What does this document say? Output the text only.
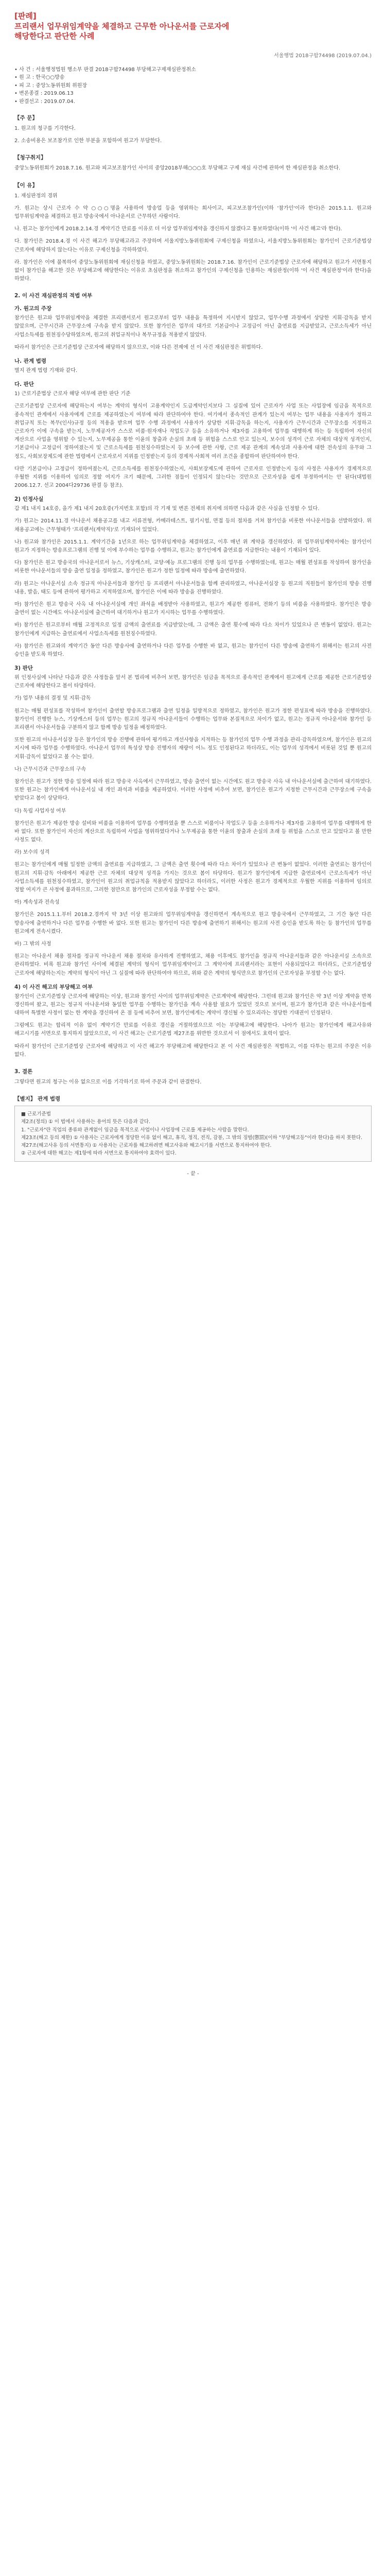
[판례]
프리랜서 업무위임계약을 체결하고 근무한 아나운서를 근로자에
해당한다고 판단한 사례
서울행법 2018구합74498 (2019.07.04.)
• 사 건 : 서울행정법원 행소부 판결 2018구합74498 부당해고구제재심판정취소
• 원 고 : 한국○○방송
• 피 고 : 중앙노동위원회 위원장
• 변론종결 : 2019.06.13
• 판결선고 : 2019.07.04.
【주 문】

1. 원고의 청구를 기각한다.

2. 소송비용은 보조참가로 인한 부분을 포함하여 원고가 부담한다.

【청구취지】

중앙노동위원회가 2018.7.16. 원고와 피고보조참가인 사이의 중앙2018부해○○○호 부당해고 구제 재심 사건에 관하여 한 재심판정을 취소한다.

【이 유】

1. 재심판정의 경위

가. 원고는 상시 근로자 수 약 ○○○명을 사용하여 방송업 등을 영위하는 회사이고, 피고보조참가인(이하 '참가인'이라 한다)은 2015.1.1. 원고와 업무위임계약을 체결하고 원고 방송국에서 아나운서로 근무하던 사람이다.

나. 원고는 참가인에게 2018.2.14.경 계약기간 만료를 이유로 더 이상 업무위임계약을 갱신하지 않겠다고 통보하였다(이하 '이 사건 해고'라 한다).

다. 참가인은 2018.4.경 이 사건 해고가 부당해고라고 주장하며 서울지방노동위원회에 구제신청을 하였으나, 서울지방노동위원회는 참가인이 근로기준법상 근로자에 해당하지 않는다는 이유로 구제신청을 각하하였다.

라. 참가인은 이에 불복하여 중앙노동위원회에 재심신청을 하였고, 중앙노동위원회는 2018.7.16. 참가인이 근로기준법상 근로자에 해당하고 원고가 서면통지 없이 참가인을 해고한 것은 부당해고에 해당한다는 이유로 초심판정을 취소하고 참가인의 구제신청을 인용하는 재심판정(이하 '이 사건 재심판정'이라 한다)을 하였다.

2. 이 사건 재심판정의 적법 여부
가. 원고의 주장

참가인은 원고와 업무위임계약을 체결한 프리랜서로서 원고로부터 업무 내용을 특정하여 지시받지 않았고, 업무수행 과정에서 상당한 지휘·감독을 받지 않았으며, 근무시간과 근무장소에 구속을 받지 않았다. 또한 참가인은 업무의 대가로 기본급이나 고정급이 아닌 출연료를 지급받았고, 근로소득세가 아닌 사업소득세를 원천징수당하였으며, 원고의 취업규칙이나 복무규정을 적용받지 않았다.

따라서 참가인은 근로기준법상 근로자에 해당하지 않으므로, 이와 다른 전제에 선 이 사건 재심판정은 위법하다.

나. 관계 법령

별지 관계 법령 기재와 같다.

다. 판단

1) 근로기준법상 근로자 해당 여부에 관한 판단 기준

근로기준법상 근로자에 해당하는지 여부는 계약의 형식이 고용계약인지 도급계약인지보다 그 실질에 있어 근로자가 사업 또는 사업장에 임금을 목적으로 종속적인 관계에서 사용자에게 근로를 제공하였는지 여부에 따라 판단하여야 한다. 여기에서 종속적인 관계가 있는지 여부는 업무 내용을 사용자가 정하고 취업규칙 또는 복무(인사)규정 등의 적용을 받으며 업무 수행 과정에서 사용자가 상당한 지휘·감독을 하는지, 사용자가 근무시간과 근무장소를 지정하고 근로자가 이에 구속을 받는지, 노무제공자가 스스로 비품·원자재나 작업도구 등을 소유하거나 제3자를 고용하여 업무를 대행하게 하는 등 독립하여 자신의 계산으로 사업을 영위할 수 있는지, 노무제공을 통한 이윤의 창출과 손실의 초래 등 위험을 스스로 안고 있는지, 보수의 성격이 근로 자체의 대상적 성격인지, 기본급이나 고정급이 정하여졌는지 및 근로소득세를 원천징수하였는지 등 보수에 관한 사항, 근로 제공 관계의 계속성과 사용자에 대한 전속성의 유무와 그 정도, 사회보장제도에 관한 법령에서 근로자로서 지위를 인정받는지 등의 경제적·사회적 여러 조건을 종합하여 판단하여야 한다.

다만 기본급이나 고정급이 정하여졌는지, 근로소득세를 원천징수하였는지, 사회보장제도에 관하여 근로자로 인정받는지 등의 사정은 사용자가 경제적으로 우월한 지위를 이용하여 임의로 정할 여지가 크기 때문에, 그러한 점들이 인정되지 않는다는 것만으로 근로자성을 쉽게 부정하여서는 안 된다(대법원 2006.12.7. 선고 2004다29736 판결 등 참조).

2) 인정사실

갑 제1 내지 14호증, 을가 제1 내지 20호증(가지번호 포함)의 각 기재 및 변론 전체의 취지에 의하면 다음과 같은 사실을 인정할 수 있다.

가) 원고는 2014.11.경 아나운서 채용공고를 내고 서류전형, 카메라테스트, 필기시험, 면접 등의 절차를 거쳐 참가인을 비롯한 아나운서들을 선발하였다. 위 채용공고에는 근무형태가 '프리랜서(계약직)'로 기재되어 있었다.

나) 원고와 참가인은 2015.1.1. 계약기간을 1년으로 하는 업무위임계약을 체결하였고, 이후 매년 위 계약을 갱신하였다. 위 업무위임계약서에는 참가인이 원고가 지정하는 방송프로그램의 진행 및 이에 부수하는 업무를 수행하고, 원고는 참가인에게 출연료를 지급한다는 내용이 기재되어 있다.

다) 참가인은 원고 방송국의 아나운서로서 뉴스, 기상캐스터, 교양·예능 프로그램의 진행 등의 업무를 수행하였는데, 원고는 매월 편성표를 작성하여 참가인을 비롯한 아나운서들의 방송 출연 일정을 정하였고, 참가인은 원고가 정한 일정에 따라 방송에 출연하였다.

라) 원고는 아나운서실 소속 정규직 아나운서들과 참가인 등 프리랜서 아나운서들을 함께 관리하였고, 아나운서실장 등 원고의 직원들이 참가인의 방송 진행 내용, 발음, 태도 등에 관하여 평가하고 지적하였으며, 참가인은 이에 따라 방송을 진행하였다.

마) 참가인은 원고 방송국 사옥 내 아나운서실에 개인 좌석을 배정받아 사용하였고, 원고가 제공한 컴퓨터, 전화기 등의 비품을 사용하였다. 참가인은 방송 출연이 없는 시간에도 아나운서실에 출근하여 대기하거나 원고가 지시하는 업무를 수행하였다.

바) 참가인은 원고로부터 매월 고정적으로 일정 금액의 출연료를 지급받았는데, 그 금액은 출연 횟수에 따라 다소 차이가 있었으나 큰 변동이 없었다. 원고는 참가인에게 지급하는 출연료에서 사업소득세를 원천징수하였다.

사) 참가인은 원고와의 계약기간 동안 다른 방송사에 출연하거나 다른 업무를 수행한 바 없고, 원고는 참가인이 다른 방송에 출연하기 위해서는 원고의 사전 승인을 받도록 하였다.

3) 판단

위 인정사실에 나타난 다음과 같은 사정들을 앞서 본 법리에 비추어 보면, 참가인은 임금을 목적으로 종속적인 관계에서 원고에게 근로를 제공한 근로기준법상 근로자에 해당한다고 봄이 타당하다.

가) 업무 내용의 결정 및 지휘·감독

원고는 매월 편성표를 작성하여 참가인이 출연할 방송프로그램과 출연 일정을 일방적으로 정하였고, 참가인은 원고가 정한 편성표에 따라 방송을 진행하였다. 참가인이 진행한 뉴스, 기상캐스터 등의 업무는 원고의 정규직 아나운서들이 수행하는 업무와 본질적으로 차이가 없고, 원고는 정규직 아나운서와 참가인 등 프리랜서 아나운서들을 구분하지 않고 함께 방송 일정을 배정하였다.

또한 원고의 아나운서실장 등은 참가인의 방송 진행에 관하여 평가하고 개선사항을 지적하는 등 참가인의 업무 수행 과정을 관리·감독하였으며, 참가인은 원고의 지시에 따라 업무를 수행하였다. 아나운서 업무의 특성상 방송 진행자의 재량이 어느 정도 인정된다고 하더라도, 이는 업무의 성격에서 비롯된 것일 뿐 원고의 지휘·감독이 없었다고 볼 수는 없다.

나) 근무시간과 근무장소의 구속

참가인은 원고가 정한 방송 일정에 따라 원고 방송국 사옥에서 근무하였고, 방송 출연이 없는 시간에도 원고 방송국 사옥 내 아나운서실에 출근하여 대기하였다. 또한 원고는 참가인에게 아나운서실 내 개인 좌석과 비품을 제공하였다. 이러한 사정에 비추어 보면, 참가인은 원고가 지정한 근무시간과 근무장소에 구속을 받았다고 봄이 상당하다.

다) 독립 사업자성 여부

참가인은 원고가 제공한 방송 설비와 비품을 이용하여 업무를 수행하였을 뿐 스스로 비품이나 작업도구 등을 소유하거나 제3자를 고용하여 업무를 대행하게 한 바 없다. 또한 참가인이 자신의 계산으로 독립하여 사업을 영위하였다거나 노무제공을 통한 이윤의 창출과 손실의 초래 등 위험을 스스로 안고 있었다고 볼 만한 사정도 없다.

라) 보수의 성격

원고는 참가인에게 매월 일정한 금액의 출연료를 지급하였고, 그 금액은 출연 횟수에 따라 다소 차이가 있었으나 큰 변동이 없었다. 이러한 출연료는 참가인이 원고의 지휘·감독 아래에서 제공한 근로 자체의 대상적 성격을 가지는 것으로 봄이 타당하다. 원고가 참가인에게 지급한 출연료에서 근로소득세가 아닌 사업소득세를 원천징수하였고, 참가인이 원고의 취업규칙을 적용받지 않았다고 하더라도, 이러한 사정은 원고가 경제적으로 우월한 지위를 이용하여 임의로 정할 여지가 큰 사정에 불과하므로, 그러한 점만으로 참가인의 근로자성을 부정할 수는 없다.

마) 계속성과 전속성

참가인은 2015.1.1.부터 2018.2.경까지 약 3년 이상 원고와의 업무위임계약을 갱신하면서 계속적으로 원고 방송국에서 근무하였고, 그 기간 동안 다른 방송사에 출연하거나 다른 업무를 수행한 바 없다. 또한 원고는 참가인이 다른 방송에 출연하기 위해서는 원고의 사전 승인을 받도록 하는 등 참가인의 업무를 원고에게 전속시켰다.

바) 그 밖의 사정

원고는 아나운서 채용 절차를 정규직 아나운서 채용 절차와 유사하게 진행하였고, 채용 이후에도 참가인을 정규직 아나운서들과 같은 아나운서실 소속으로 관리하였다. 비록 원고와 참가인 사이에 체결된 계약의 형식이 업무위임계약이고 그 계약서에 프리랜서라는 표현이 사용되었다고 하더라도, 근로기준법상 근로자에 해당하는지는 계약의 형식이 아닌 그 실질에 따라 판단하여야 하므로, 위와 같은 계약의 형식만으로 참가인의 근로자성을 부정할 수는 없다.

4) 이 사건 해고의 부당해고 여부

참가인이 근로기준법상 근로자에 해당하는 이상, 원고와 참가인 사이의 업무위임계약은 근로계약에 해당한다. 그런데 원고와 참가인은 약 3년 이상 계약을 반복 갱신하여 왔고, 원고는 정규직 아나운서와 동일한 업무를 수행하는 참가인을 계속 사용할 필요가 있었던 것으로 보이며, 원고가 참가인과 같은 아나운서들에 대하여 특별한 사정이 없는 한 계약을 갱신하여 온 점 등에 비추어 보면, 참가인에게는 계약이 갱신될 수 있으리라는 정당한 기대권이 인정된다.

그럼에도 원고는 합리적 이유 없이 계약기간 만료를 이유로 갱신을 거절하였으므로 이는 부당해고에 해당한다. 나아가 원고는 참가인에게 해고사유와 해고시기를 서면으로 통지하지 않았으므로, 이 사건 해고는 근로기준법 제27조를 위반한 것으로서 이 점에서도 효력이 없다.

따라서 참가인이 근로기준법상 근로자에 해당하고 이 사건 해고가 부당해고에 해당한다고 본 이 사건 재심판정은 적법하고, 이를 다투는 원고의 주장은 이유 없다.

3. 결론

그렇다면 원고의 청구는 이유 없으므로 이를 기각하기로 하여 주문과 같이 판결한다.

【별지】 관계 법령
■ 근로기준법
제2조(정의) ① 이 법에서 사용하는 용어의 뜻은 다음과 같다.
1. "근로자"란 직업의 종류와 관계없이 임금을 목적으로 사업이나 사업장에 근로를 제공하는 사람을 말한다.
제23조(해고 등의 제한) ① 사용자는 근로자에게 정당한 이유 없이 해고, 휴직, 정직, 전직, 감봉, 그 밖의 징벌(懲罰)(이하 "부당해고등"이라 한다)을 하지 못한다.
제27조(해고사유 등의 서면통지) ① 사용자는 근로자를 해고하려면 해고사유와 해고시기를 서면으로 통지하여야 한다.
② 근로자에 대한 해고는 제1항에 따라 서면으로 통지하여야 효력이 있다.
- 끝 -
